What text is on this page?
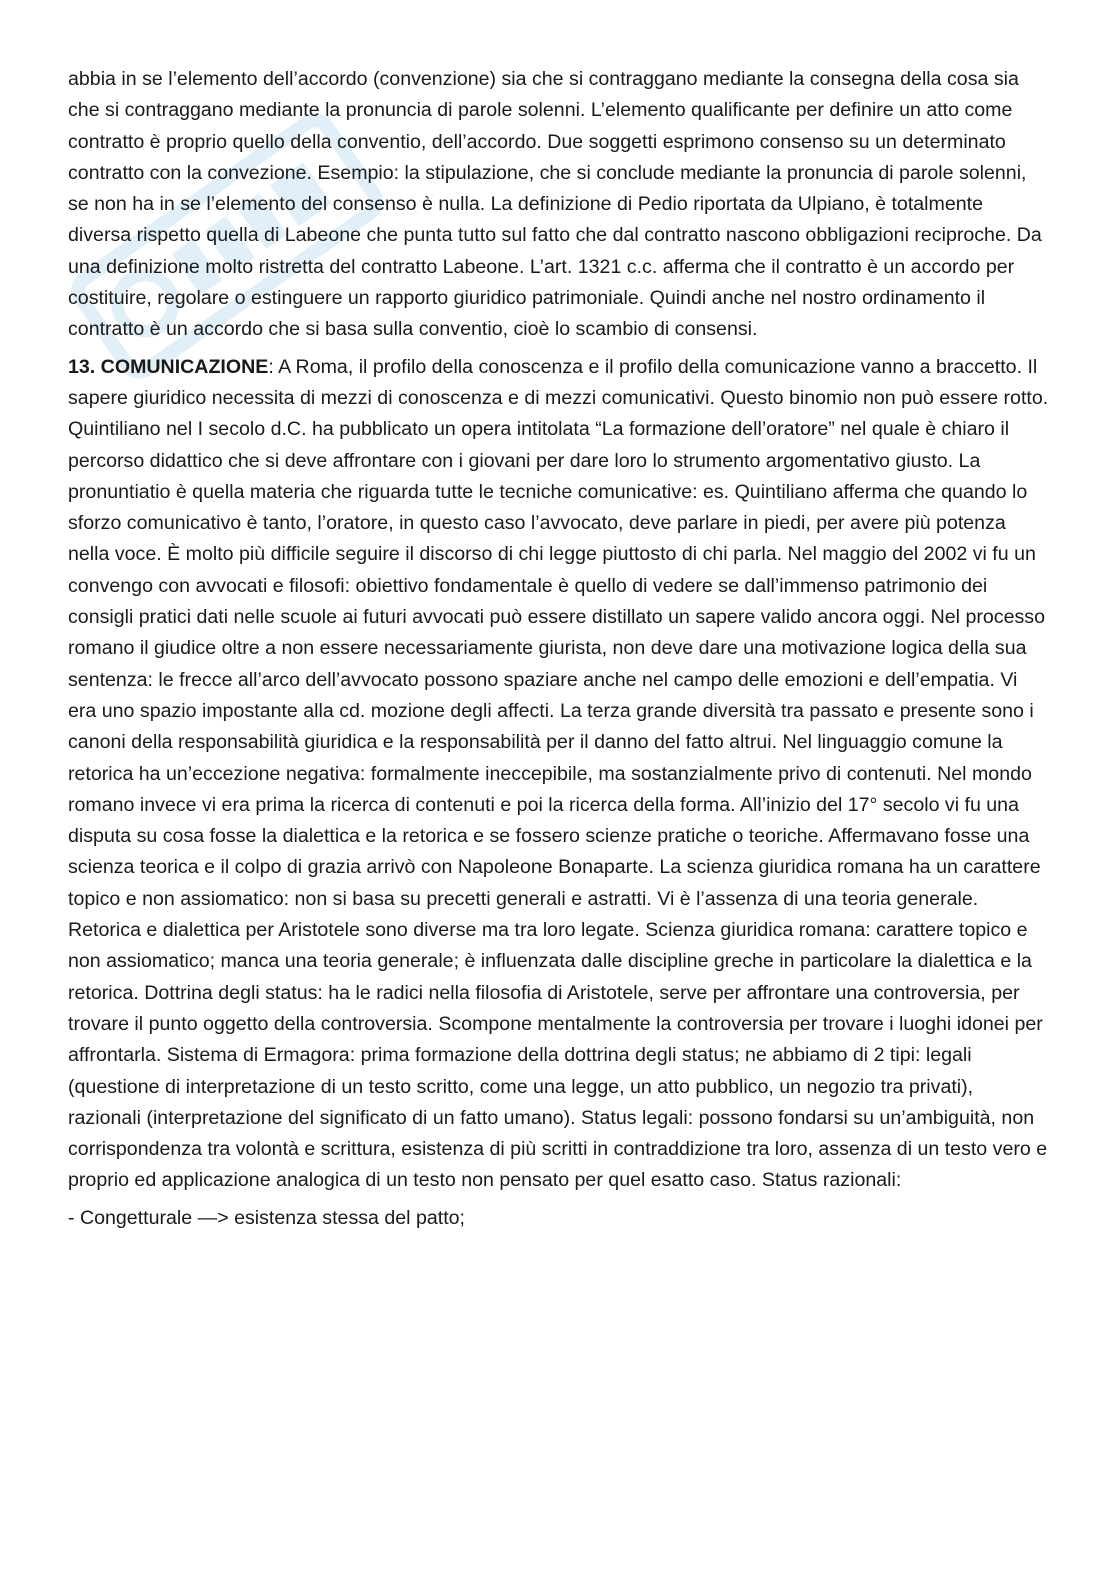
abbia in se l’elemento dell’accordo (convenzione) sia che si contraggano mediante la consegna della cosa sia che si contraggano mediante la pronuncia di parole solenni. L’elemento qualificante per definire un atto come contratto è proprio quello della conventio, dell’accordo. Due soggetti esprimono consenso su un determinato contratto con la convezione. Esempio: la stipulazione, che si conclude mediante la pronuncia di parole solenni, se non ha in se l’elemento del consenso è nulla. La definizione di Pedio riportata da Ulpiano, è totalmente diversa rispetto quella di Labeone che punta tutto sul fatto che dal contratto nascono obbligazioni reciproche. Da una definizione molto ristretta del contratto Labeone. L’art. 1321 c.c. afferma che il contratto è un accordo per costituire, regolare o estinguere un rapporto giuridico patrimoniale. Quindi anche nel nostro ordinamento il contratto è un accordo che si basa sulla conventio, cioè lo scambio di consensi.

13. COMUNICAZIONE: A Roma, il profilo della conoscenza e il profilo della comunicazione vanno a braccetto. Il sapere giuridico necessita di mezzi di conoscenza e di mezzi comunicativi. Questo binomio non può essere rotto. Quintiliano nel I secolo d.C. ha pubblicato un opera intitolata “La formazione dell’oratore” nel quale è chiaro il percorso didattico che si deve affrontare con i giovani per dare loro lo strumento argomentativo giusto. La pronuntiatio è quella materia che riguarda tutte le tecniche comunicative: es. Quintiliano afferma che quando lo sforzo comunicativo è tanto, l’oratore, in questo caso l’avvocato, deve parlare in piedi, per avere più potenza nella voce. È molto più difficile seguire il discorso di chi legge piuttosto di chi parla. Nel maggio del 2002 vi fu un convengo con avvocati e filosofi: obiettivo fondamentale è quello di vedere se dall’immenso patrimonio dei consigli pratici dati nelle scuole ai futuri avvocati può essere distillato un sapere valido ancora oggi. Nel processo romano il giudice oltre a non essere necessariamente giurista, non deve dare una motivazione logica della sua sentenza: le frecce all’arco dell’avvocato possono spaziare anche nel campo delle emozioni e dell’empatia. Vi era uno spazio impostante alla cd. mozione degli affecti. La terza grande diversità tra passato e presente sono i canoni della responsabilità giuridica e la responsabilità per il danno del fatto altrui. Nel linguaggio comune la retorica ha un’eccezione negativa: formalmente ineccepibile, ma sostanzialmente privo di contenuti. Nel mondo romano invece vi era prima la ricerca di contenuti e poi la ricerca della forma. All’inizio del 17° secolo vi fu una disputa su cosa fosse la dialettica e la retorica e se fossero scienze pratiche o teoriche. Affermavano fosse una scienza teorica e il colpo di grazia arrivò con Napoleone Bonaparte. La scienza giuridica romana ha un carattere topico e non assiomatico: non si basa su precetti generali e astratti. Vi è l’assenza di una teoria generale. Retorica e dialettica per Aristotele sono diverse ma tra loro legate. Scienza giuridica romana: carattere topico e non assiomatico; manca una teoria generale; è influenzata dalle discipline greche in particolare la dialettica e la retorica. Dottrina degli status: ha le radici nella filosofia di Aristotele, serve per affrontare una controversia, per trovare il punto oggetto della controversia. Scompone mentalmente la controversia per trovare i luoghi idonei per affrontarla. Sistema di Ermagora: prima formazione della dottrina degli status; ne abbiamo di 2 tipi: legali (questione di interpretazione di un testo scritto, come una legge, un atto pubblico, un negozio tra privati), razionali (interpretazione del significato di un fatto umano). Status legali: possono fondarsi su un’ambiguità, non corrispondenza tra volontà e scrittura, esistenza di più scritti in contraddizione tra loro, assenza di un testo vero e proprio ed applicazione analogica di un testo non pensato per quel esatto caso. Status razionali:

- Congetturale —> esistenza stessa del patto;
